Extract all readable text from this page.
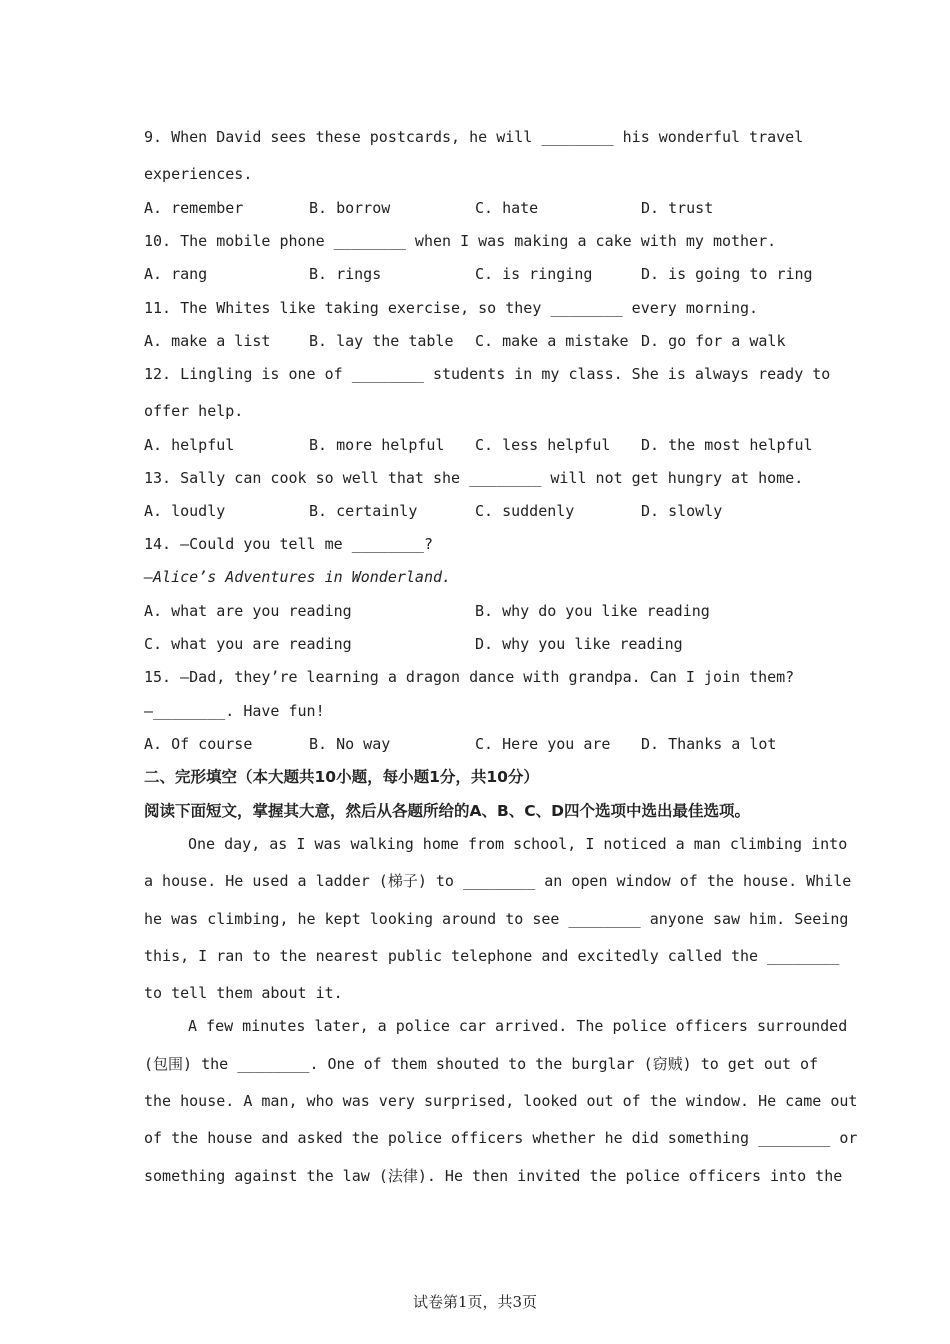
9. When David sees these postcards, he will ________ his wonderful travel
experiences.
A. remember	B. borrow	C. hate	D. trust
10. The mobile phone ________ when I was making a cake with my mother.
A. rang	B. rings	C. is ringing	D. is going to ring
11. The Whites like taking exercise, so they ________ every morning.
A. make a list	B. lay the table C. make a mistake D. go for a walk
12. Lingling is one of ________ students in my class. She is always ready to
offer help.
A. helpful	B. more helpful C. less helpful D. the most helpful
13. Sally can cook so well that she ________ will not get hungry at home.
A. loudly	B. certainly	C. suddenly	D. slowly
14. —Could you tell me ________?
—Alice’s Adventures in Wonderland.
A. what are you reading	B. why do you like reading
C. what you are reading	D. why you like reading
15. —Dad, they’re learning a dragon dance with grandpa. Can I join them?
—________. Have fun!
A. Of course	B. No way	C. Here you are D. Thanks a lot
二、完形填空（本大题共10小题，每小题1分，共10分）
阅读下面短文，掌握其大意，然后从各题所给的A、B、C、D四个选项中选出最佳选项。
One day, as I was walking home from school, I noticed a man climbing into
a house. He used a ladder (梯子) to ________ an open window of the house. While
he was climbing, he kept looking around to see ________ anyone saw him. Seeing
this, I ran to the nearest public telephone and excitedly called the ________
to tell them about it.
A few minutes later, a police car arrived. The police officers surrounded
(包围) the ________. One of them shouted to the burglar (窃贼) to get out of
the house. A man, who was very surprised, looked out of the window. He came out
of the house and asked the police officers whether he did something ________ or
something against the law (法律). He then invited the police officers into the
试卷第1页，共3页
